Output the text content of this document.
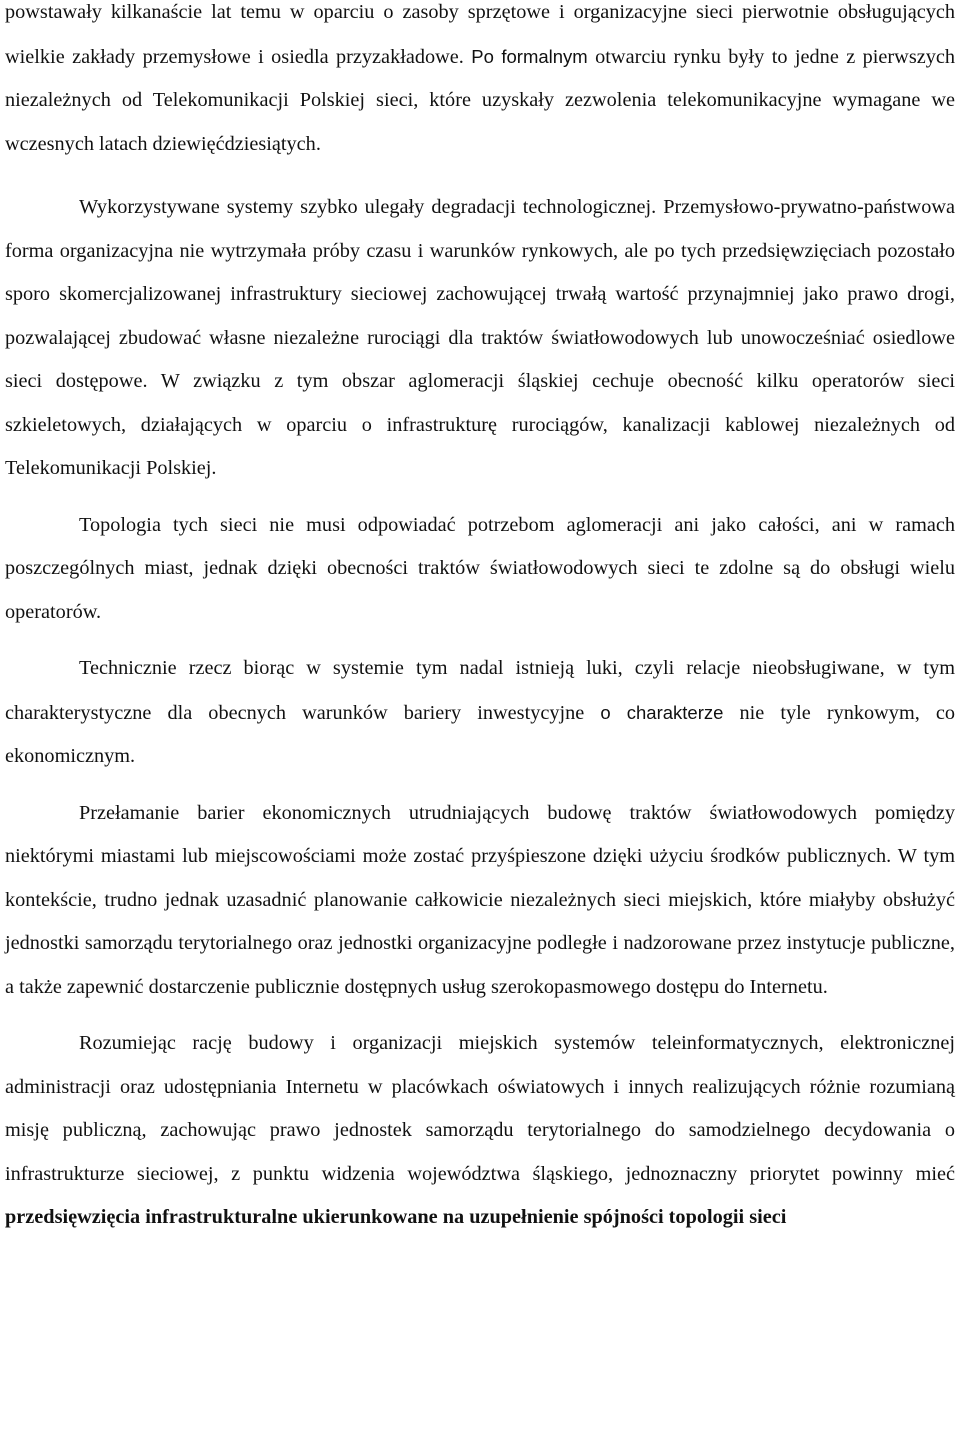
powstawały kilkanaście lat temu w oparciu o zasoby sprzętowe i organizacyjne sieci pierwotnie obsługujących wielkie zakłady przemysłowe i osiedla przyzakładowe. Po formalnym otwarciu rynku były to jedne z pierwszych niezależnych od Telekomunikacji Polskiej sieci, które uzyskały zezwolenia telekomunikacyjne wymagane we wczesnych latach dziewięćdziesiątych.

Wykorzystywane systemy szybko ulegały degradacji technologicznej. Przemysłowo-prywatno-państwowa forma organizacyjna nie wytrzymała próby czasu i warunków rynkowych, ale po tych przedsięwzięciach pozostało sporo skomercjalizowanej infrastruktury sieciowej zachowującej trwałą wartość przynajmniej jako prawo drogi, pozwalającej zbudować własne niezależne rurociągi dla traktów światłowodowych lub unowocześniać osiedlowe sieci dostępowe. W związku z tym obszar aglomeracji śląskiej cechuje obecność kilku operatorów sieci szkieletowych, działających w oparciu o infrastrukturę rurociągów, kanalizacji kablowej niezależnych od Telekomunikacji Polskiej.

Topologia tych sieci nie musi odpowiadać potrzebom aglomeracji ani jako całości, ani w ramach poszczególnych miast, jednak dzięki obecności traktów światłowodowych sieci te zdolne są do obsługi wielu operatorów.

Technicznie rzecz biorąc w systemie tym nadal istnieją luki, czyli relacje nieobsługiwane, w tym charakterystyczne dla obecnych warunków bariery inwestycyjne o charakterze nie tyle rynkowym, co ekonomicznym.

Przełamanie barier ekonomicznych utrudniających budowę traktów światłowodowych pomiędzy niektórymi miastami lub miejscowościami może zostać przyśpieszone dzięki użyciu środków publicznych. W tym kontekście, trudno jednak uzasadnić planowanie całkowicie niezależnych sieci miejskich, które miałyby obsłużyć jednostki samorządu terytorialnego oraz jednostki organizacyjne podległe i nadzorowane przez instytucje publiczne, a także zapewnić dostarczenie publicznie dostępnych usług szerokopasmowego dostępu do Internetu.

Rozumiejąc rację budowy i organizacji miejskich systemów teleinformatycznych, elektronicznej administracji oraz udostępniania Internetu w placówkach oświatowych i innych realizujących różnie rozumianą misję publiczną, zachowując prawo jednostek samorządu terytorialnego do samodzielnego decydowania o infrastrukturze sieciowej, z punktu widzenia województwa śląskiego, jednoznaczny priorytet powinny mieć przedsięwzięcia infrastrukturalne ukierunkowane na uzupełnienie spójności topologii sieci
